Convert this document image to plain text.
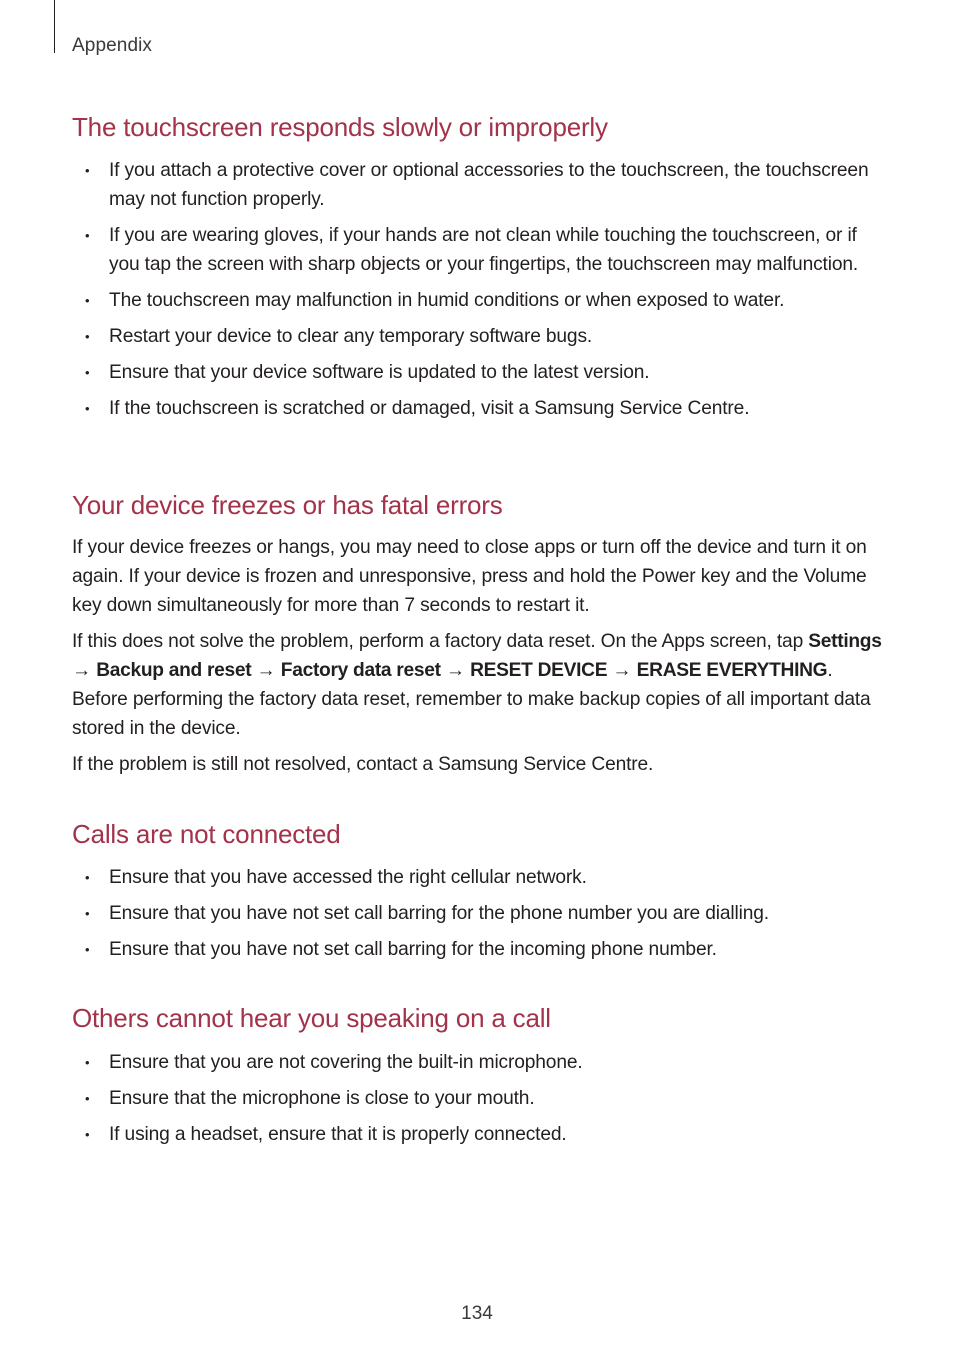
Appendix
The touchscreen responds slowly or improperly
• If you attach a protective cover or optional accessories to the touchscreen, the touchscreen may not function properly.
• If you are wearing gloves, if your hands are not clean while touching the touchscreen, or if you tap the screen with sharp objects or your fingertips, the touchscreen may malfunction.
• The touchscreen may malfunction in humid conditions or when exposed to water.
• Restart your device to clear any temporary software bugs.
• Ensure that your device software is updated to the latest version.
• If the touchscreen is scratched or damaged, visit a Samsung Service Centre.
Your device freezes or has fatal errors

If your device freezes or hangs, you may need to close apps or turn off the device and turn it on again. If your device is frozen and unresponsive, press and hold the Power key and the Volume key down simultaneously for more than 7 seconds to restart it.

If this does not solve the problem, perform a factory data reset. On the Apps screen, tap Settings → Backup and reset → Factory data reset → RESET DEVICE → ERASE EVERYTHING. Before performing the factory data reset, remember to make backup copies of all important data stored in the device.

If the problem is still not resolved, contact a Samsung Service Centre.

Calls are not connected
• Ensure that you have accessed the right cellular network.
• Ensure that you have not set call barring for the phone number you are dialling.
• Ensure that you have not set call barring for the incoming phone number.
Others cannot hear you speaking on a call
• Ensure that you are not covering the built-in microphone.
• Ensure that the microphone is close to your mouth.
• If using a headset, ensure that it is properly connected.
134
